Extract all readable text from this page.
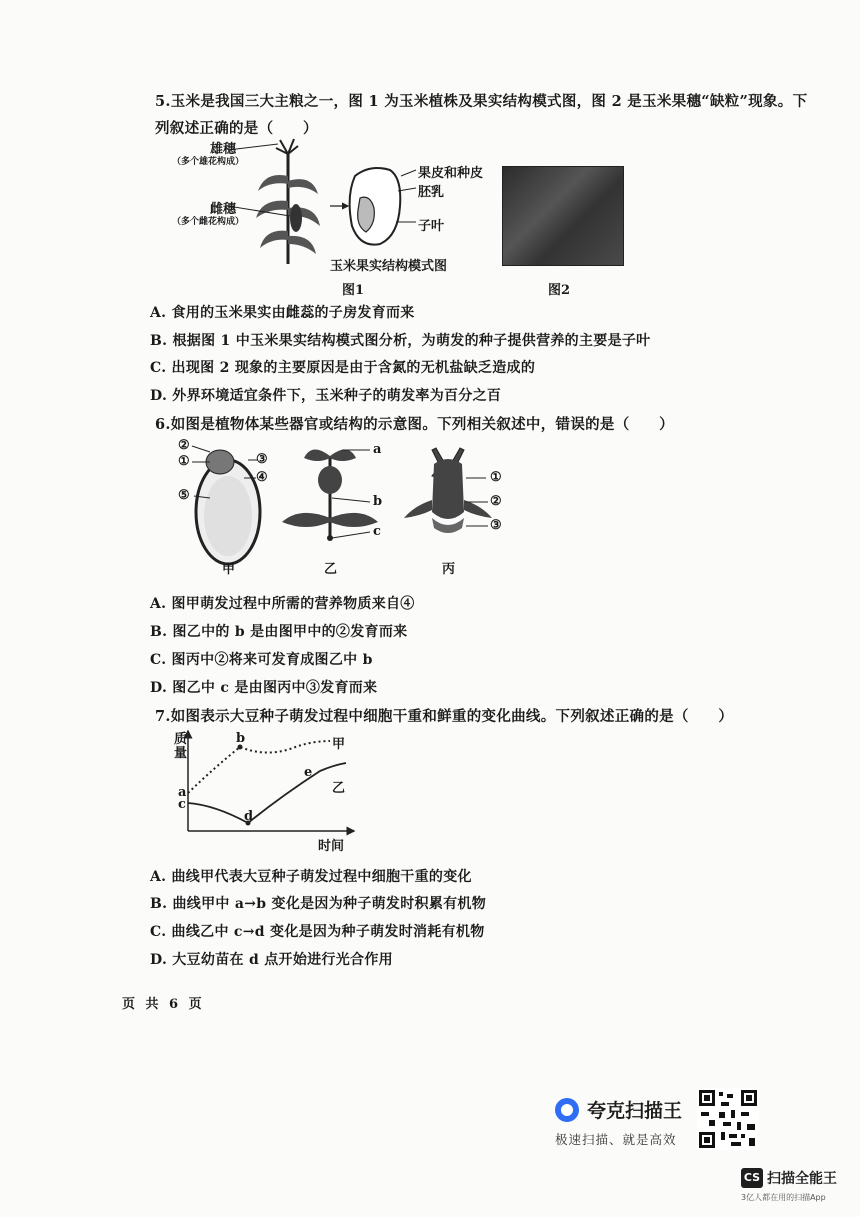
5.玉米是我国三大主粮之一，图 1 为玉米植株及果实结构模式图，图 2 是玉米果穗“缺粒”现象。下
列叙述正确的是（　　）
雄穗
（多个雄花构成）
雌穗
（多个雌花构成）
果皮和种皮
胚乳
子叶
玉米果实结构模式图
图1	图2
A. 食用的玉米果实由雌蕊的子房发育而来
B. 根据图 1 中玉米果实结构模式图分析，为萌发的种子提供营养的主要是子叶
C. 出现图 2 现象的主要原因是由于含氮的无机盐缺乏造成的
D. 外界环境适宜条件下，玉米种子的萌发率为百分之百
6.如图是植物体某些器官或结构的示意图。下列相关叙述中，错误的是（　　）
②
①	③
④
⑤
a
b
c
①
②
③
甲	乙	丙
A. 图甲萌发过程中所需的营养物质来自④
B. 图乙中的 b 是由图甲中的②发育而来
C. 图丙中②将来可发育成图乙中 b
D. 图乙中 c 是由图丙中③发育而来
7.如图表示大豆种子萌发过程中细胞干重和鲜重的变化曲线。下列叙述正确的是（　　）
质量
时间
甲
乙
a
b
c
d
e
A. 曲线甲代表大豆种子萌发过程中细胞干重的变化
B. 曲线甲中 a→b 变化是因为种子萌发时积累有机物
C. 曲线乙中 c→d 变化是因为种子萌发时消耗有机物
D. 大豆幼苗在 d 点开始进行光合作用
页 共 6 页
夸克扫描王
极速扫描、就是高效
CS 扫描全能王
3亿人都在用的扫描App
